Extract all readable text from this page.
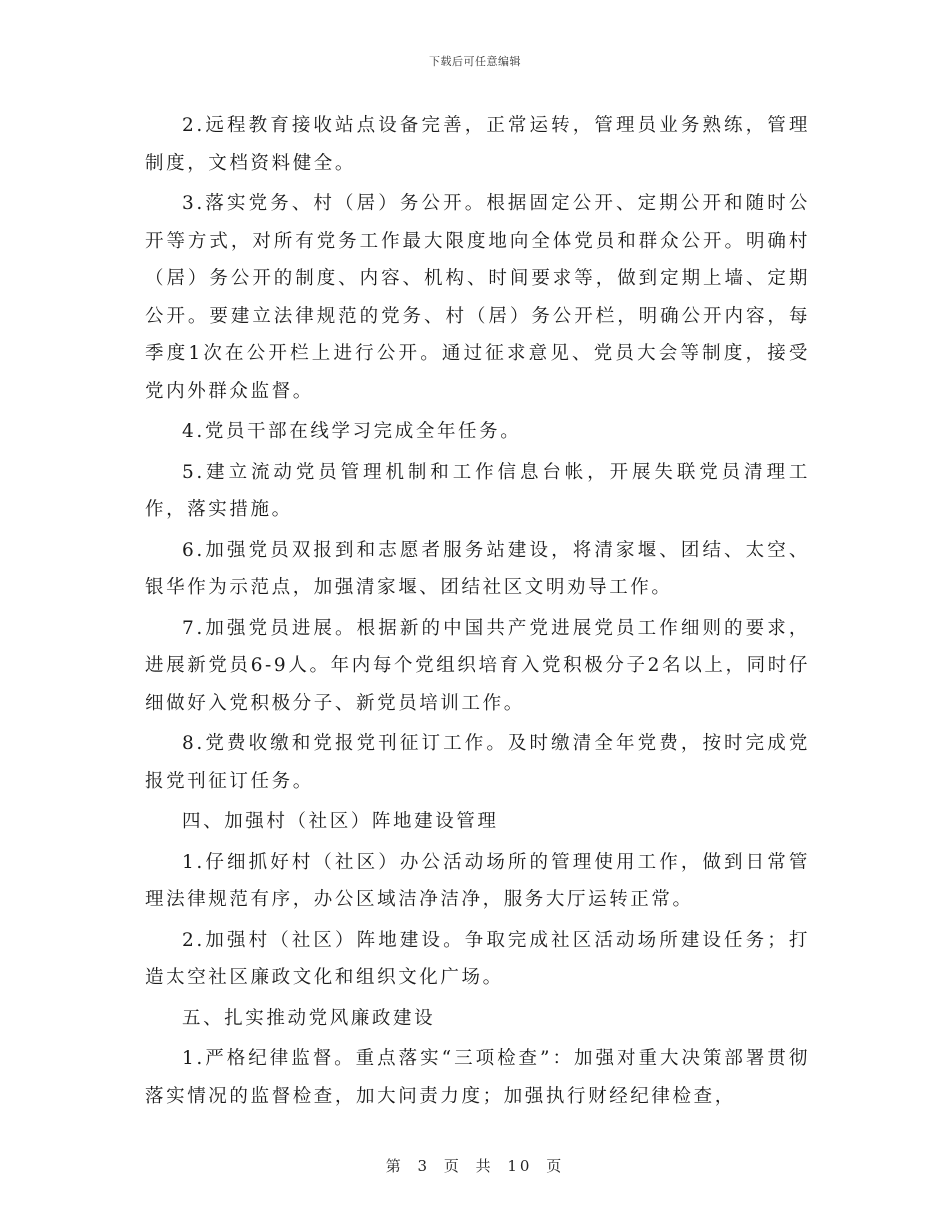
下载后可任意编辑

2.远程教育接收站点设备完善，正常运转，管理员业务熟练，管理制度，文档资料健全。

3.落实党务、村（居）务公开。根据固定公开、定期公开和随时公开等方式，对所有党务工作最大限度地向全体党员和群众公开。明确村（居）务公开的制度、内容、机构、时间要求等，做到定期上墙、定期公开。要建立法律规范的党务、村（居）务公开栏，明确公开内容，每季度1次在公开栏上进行公开。通过征求意见、党员大会等制度，接受党内外群众监督。

4.党员干部在线学习完成全年任务。

5.建立流动党员管理机制和工作信息台帐，开展失联党员清理工作，落实措施。

6.加强党员双报到和志愿者服务站建设，将清家堰、团结、太空、银华作为示范点，加强清家堰、团结社区文明劝导工作。

7.加强党员进展。根据新的中国共产党进展党员工作细则的要求，进展新党员6-9人。年内每个党组织培育入党积极分子2名以上，同时仔细做好入党积极分子、新党员培训工作。

8.党费收缴和党报党刊征订工作。及时缴清全年党费，按时完成党报党刊征订任务。

四、加强村（社区）阵地建设管理

1.仔细抓好村（社区）办公活动场所的管理使用工作，做到日常管理法律规范有序，办公区域洁净洁净，服务大厅运转正常。

2.加强村（社区）阵地建设。争取完成社区活动场所建设任务；打造太空社区廉政文化和组织文化广场。

五、扎实推动党风廉政建设

1.严格纪律监督。重点落实“三项检查”：加强对重大决策部署贯彻落实情况的监督检查，加大问责力度；加强执行财经纪律检查，

第 3 页 共 10 页
